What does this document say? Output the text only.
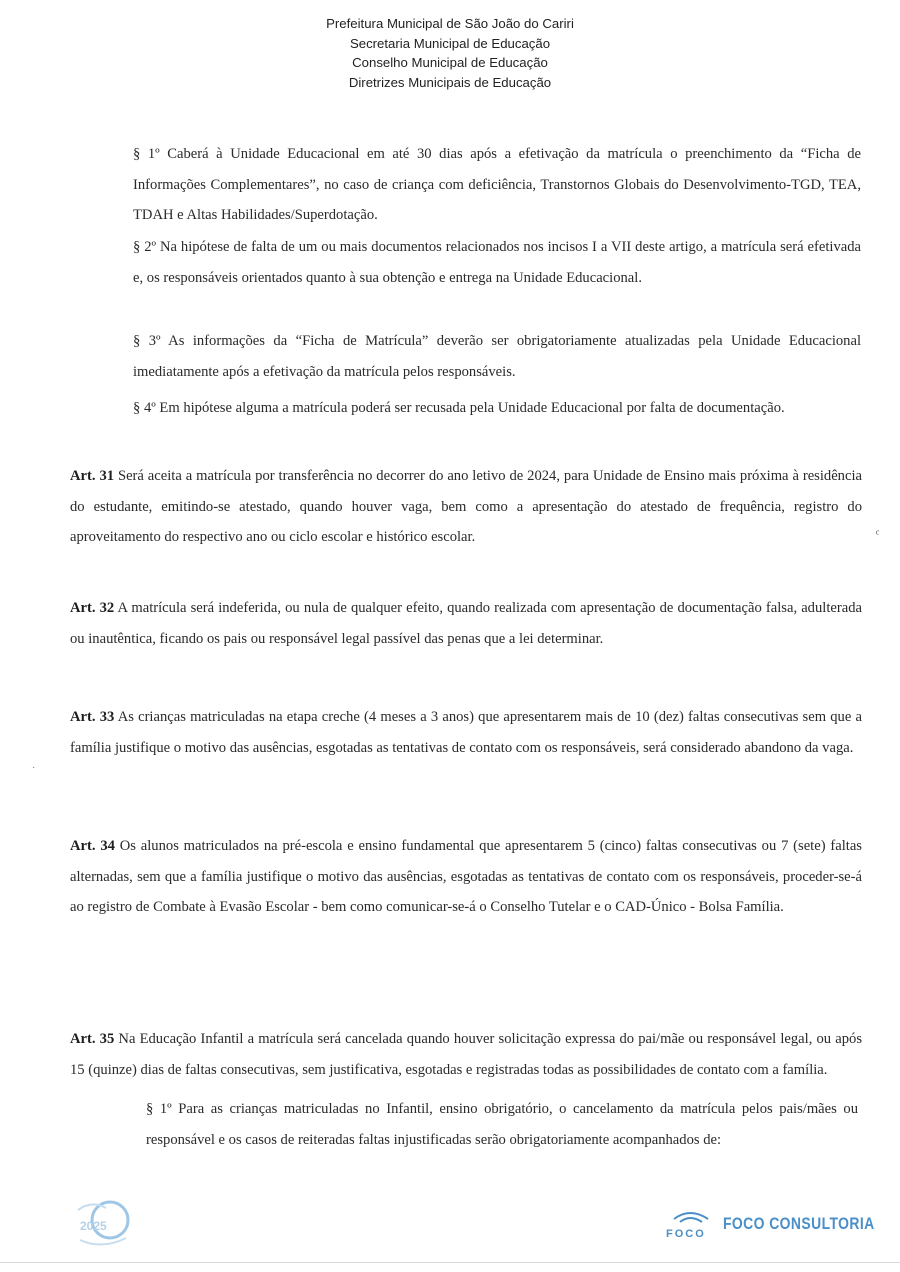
Prefeitura Municipal de São João do Cariri
Secretaria Municipal de Educação
Conselho Municipal de Educação
Diretrizes Municipais de Educação

§ 1º Caberá à Unidade Educacional em até 30 dias após a efetivação da matrícula o preenchimento da “Ficha de Informações Complementares”, no caso de criança com deficiência, Transtornos Globais do Desenvolvimento-TGD, TEA, TDAH e Altas Habilidades/Superdotação.

§ 2º Na hipótese de falta de um ou mais documentos relacionados nos incisos I a VII deste artigo, a matrícula será efetivada e, os responsáveis orientados quanto à sua obtenção e entrega na Unidade Educacional.

§ 3º As informações da “Ficha de Matrícula” deverão ser obrigatoriamente atualizadas pela Unidade Educacional imediatamente após a efetivação da matrícula pelos responsáveis.

§ 4º Em hipótese alguma a matrícula poderá ser recusada pela Unidade Educacional por falta de documentação.

Art. 31 Será aceita a matrícula por transferência no decorrer do ano letivo de 2024, para Unidade de Ensino mais próxima à residência do estudante, emitindo-se atestado, quando houver vaga, bem como a apresentação do atestado de frequência, registro do aproveitamento do respectivo ano ou ciclo escolar e histórico escolar.

Art. 32 A matrícula será indeferida, ou nula de qualquer efeito, quando realizada com apresentação de documentação falsa, adulterada ou inautêntica, ficando os pais ou responsável legal passível das penas que a lei determinar.

Art. 33 As crianças matriculadas na etapa creche (4 meses a 3 anos) que apresentarem mais de 10 (dez) faltas consecutivas sem que a família justifique o motivo das ausências, esgotadas as tentativas de contato com os responsáveis, será considerado abandono da vaga.

Art. 34 Os alunos matriculados na pré-escola e ensino fundamental que apresentarem 5 (cinco) faltas consecutivas ou 7 (sete) faltas alternadas, sem que a família justifique o motivo das ausências, esgotadas as tentativas de contato com os responsáveis, proceder-se-á ao registro de Combate à Evasão Escolar - bem como comunicar-se-á o Conselho Tutelar e o CAD-Único - Bolsa Família.

Art. 35 Na Educação Infantil a matrícula será cancelada quando houver solicitação expressa do pai/mãe ou responsável legal, ou após 15 (quinze) dias de faltas consecutivas, sem justificativa, esgotadas e registradas todas as possibilidades de contato com a família.

§ 1º Para as crianças matriculadas no Infantil, ensino obrigatório, o cancelamento da matrícula pelos pais/mães ou responsável e os casos de reiteradas faltas injustificadas serão obrigatoriamente acompanhados de:

ᶜ
·
2025
FOCO
FOCO CONSULTORIA
